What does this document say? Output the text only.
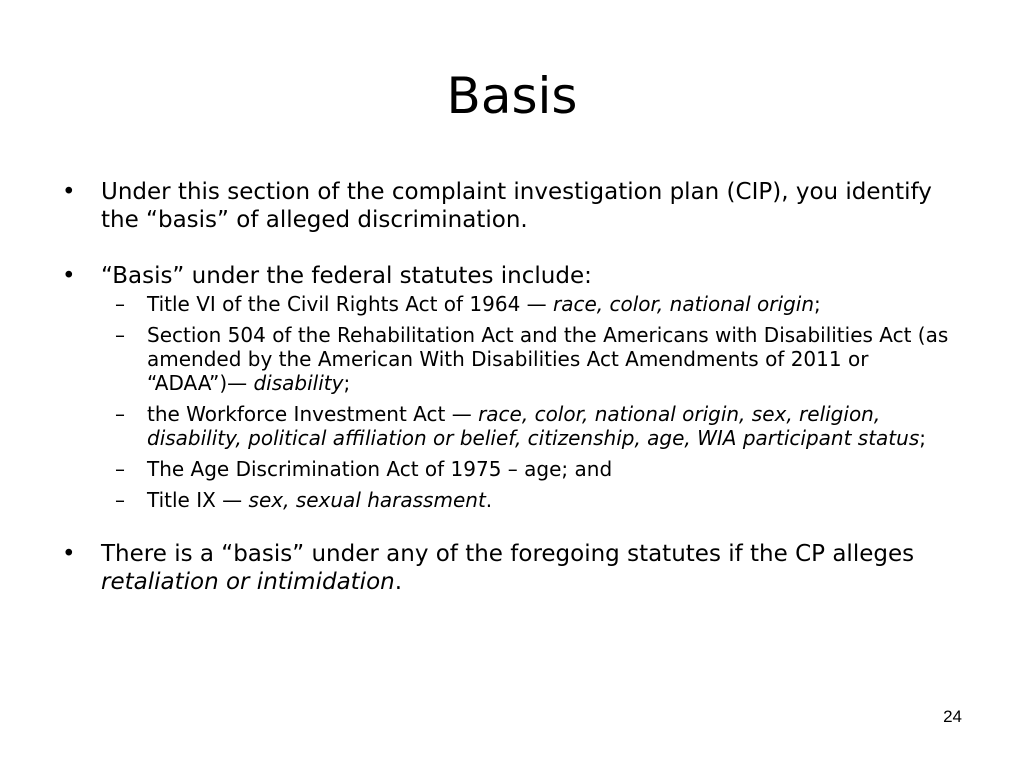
Basis
•	Under this section of the complaint investigation plan (CIP), you identify the “basis” of alleged discrimination.
•	“Basis” under the federal statutes include:
–	Title VI of the Civil Rights Act of 1964 — race, color, national origin;
–	Section 504 of the Rehabilitation Act and the Americans with Disabilities Act (as amended by the American With Disabilities Act Amendments of 2011 or “ADAA”)— disability;
–	the Workforce Investment Act — race, color, national origin, sex, religion, disability, political affiliation or belief, citizenship, age, WIA participant status;
–	The Age Discrimination Act of 1975 – age; and
–	Title IX — sex, sexual harassment.
•	There is a “basis” under any of the foregoing statutes if the CP alleges retaliation or intimidation.
24
